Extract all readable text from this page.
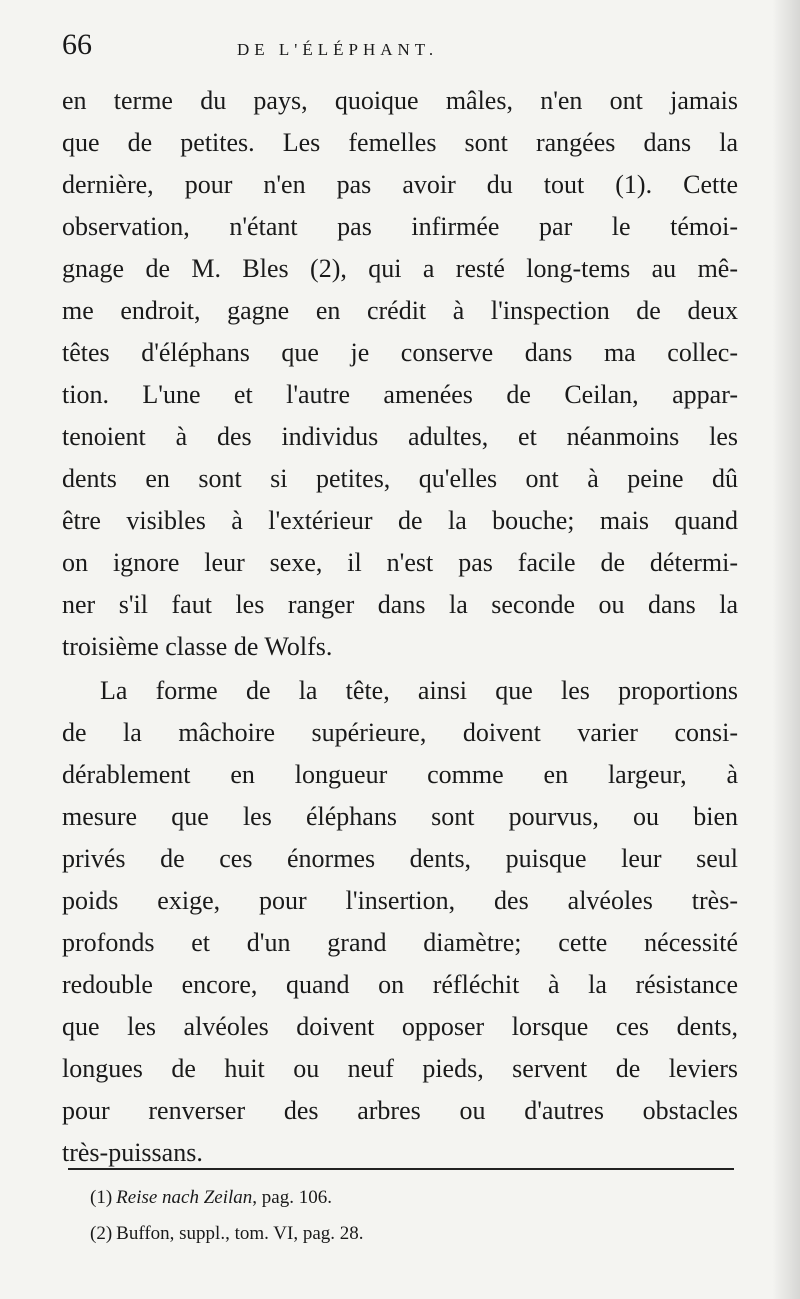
66	DE L'ÉLÉPHANT.
en terme du pays, quoique mâles, n'en ont jamais
que de petites. Les femelles sont rangées dans la
dernière, pour n'en pas avoir du tout (1). Cette
observation, n'étant pas infirmée par le témoi-
gnage de M. Bles (2), qui a resté long-tems au mê-
me endroit, gagne en crédit à l'inspection de deux
têtes d'éléphans que je conserve dans ma collec-
tion. L'une et l'autre amenées de Ceilan, appar-
tenoient à des individus adultes, et néanmoins les
dents en sont si petites, qu'elles ont à peine dû
être visibles à l'extérieur de la bouche; mais quand
on ignore leur sexe, il n'est pas facile de détermi-
ner s'il faut les ranger dans la seconde ou dans la
troisième classe de Wolfs.
La forme de la tête, ainsi que les proportions
de la mâchoire supérieure, doivent varier consi-
dérablement en longueur comme en largeur, à
mesure que les éléphans sont pourvus, ou bien
privés de ces énormes dents, puisque leur seul
poids exige, pour l'insertion, des alvéoles très-
profonds et d'un grand diamètre; cette nécessité
redouble encore, quand on réfléchit à la résistance
que les alvéoles doivent opposer lorsque ces dents,
longues de huit ou neuf pieds, servent de leviers
pour renverser des arbres ou d'autres obstacles
très-puissans.
(1) Reise nach Zeilan, pag. 106.
(2) Buffon, suppl., tom. VI, pag. 28.
